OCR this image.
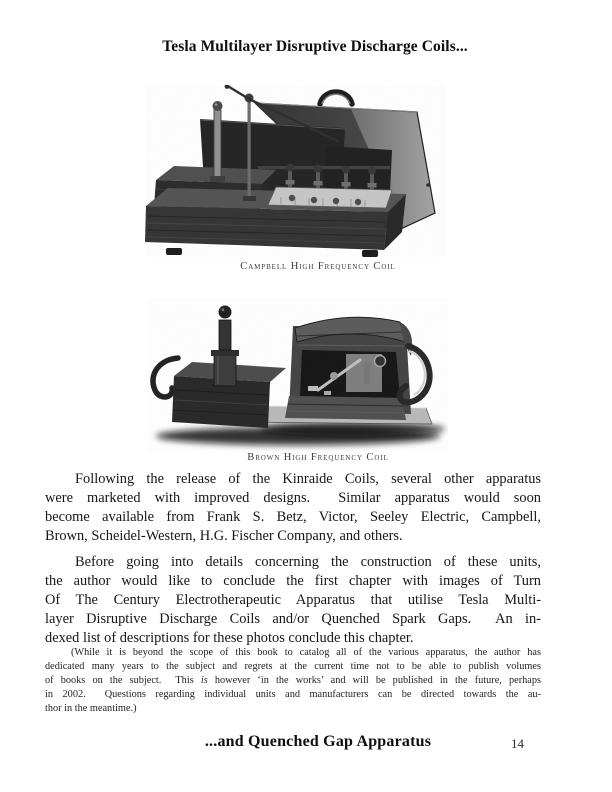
Tesla Multilayer Disruptive Discharge Coils...
Campbell High Frequency Coil
Brown High Frequency Coil
Following the release of the Kinraide Coils, several other apparatus
were marketed with improved designs.  Similar apparatus would soon
become available from Frank S. Betz, Victor, Seeley Electric, Campbell,
Brown, Scheidel-Western, H.G. Fischer Company, and others.
Before going into details concerning the construction of these units,
the author would like to conclude the first chapter with images of Turn
Of The Century Electrotherapeutic Apparatus that utilise Tesla Multi-
layer Disruptive Discharge Coils and/or Quenched Spark Gaps.  An in-
dexed list of descriptions for these photos conclude this chapter.
(While it is beyond the scope of this book to catalog all of the various apparatus, the author has
dedicated many years to the subject and regrets at the current time not to be able to publish volumes
of books on the subject.  This is however ‘in the works’ and will be published in the future, perhaps
in 2002.  Questions regarding individual units and manufacturers can be directed towards the au-
thor in the meantime.)
...and Quenched Gap Apparatus	14
